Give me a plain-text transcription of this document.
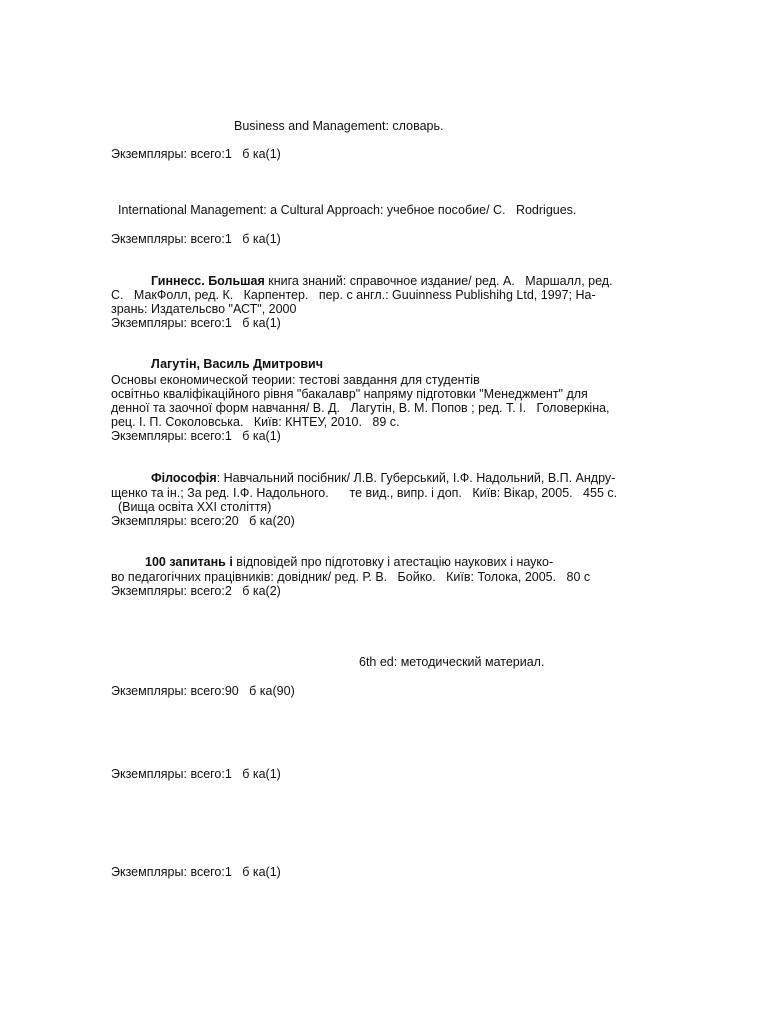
Business and Management: словарь.
Экземпляры: всего:1   б ка(1)
International Management: a Cultural Approach: учебное пособие/ С.   Rodrigues.
Экземпляры: всего:1   б ка(1)
Гиннесс. Большая книга знаний: справочное издание/ ред. А.   Маршалл, ред.
С.   МакФолл, ред. К.   Карпентер.   пер. с англ.: Guuinness Publishihg Ltd, 1997; На-
зрань: Издательсво "АСТ", 2000
Экземпляры: всего:1   б ка(1)
Лагутін, Василь Дмитрович
Основы економической теории: тестові завдання для студентів
освітньо кваліфікаційного рівня "бакалавр" напряму підготовки "Менеджмент" для
денної та заочної форм навчання/ В. Д.   Лагутін, В. М. Попов ; ред. Т. І.   Головеркіна,
рец. І. П. Соколовська.   Київ: КНТЕУ, 2010.   89 с.
Экземпляры: всего:1   б ка(1)
Філософія: Навчальний посібник/ Л.В. Губерський, І.Ф. Надольний, В.П. Андру-
щенко та ін.; За ред. І.Ф. Надольного.      те вид., випр. і доп.   Київ: Вікар, 2005.   455 с.
(Вища освіта ХХІ століття)
Экземпляры: всего:20   б ка(20)
100 запитань і відповідей про підготовку і атестацію наукових і науко-
во педагогічних працівників: довідник/ ред. Р. В.   Бойко.   Київ: Толока, 2005.   80 с
Экземпляры: всего:2   б ка(2)
6th ed: методический материал.
Экземпляры: всего:90   б ка(90)
Экземпляры: всего:1   б ка(1)
Экземпляры: всего:1   б ка(1)
